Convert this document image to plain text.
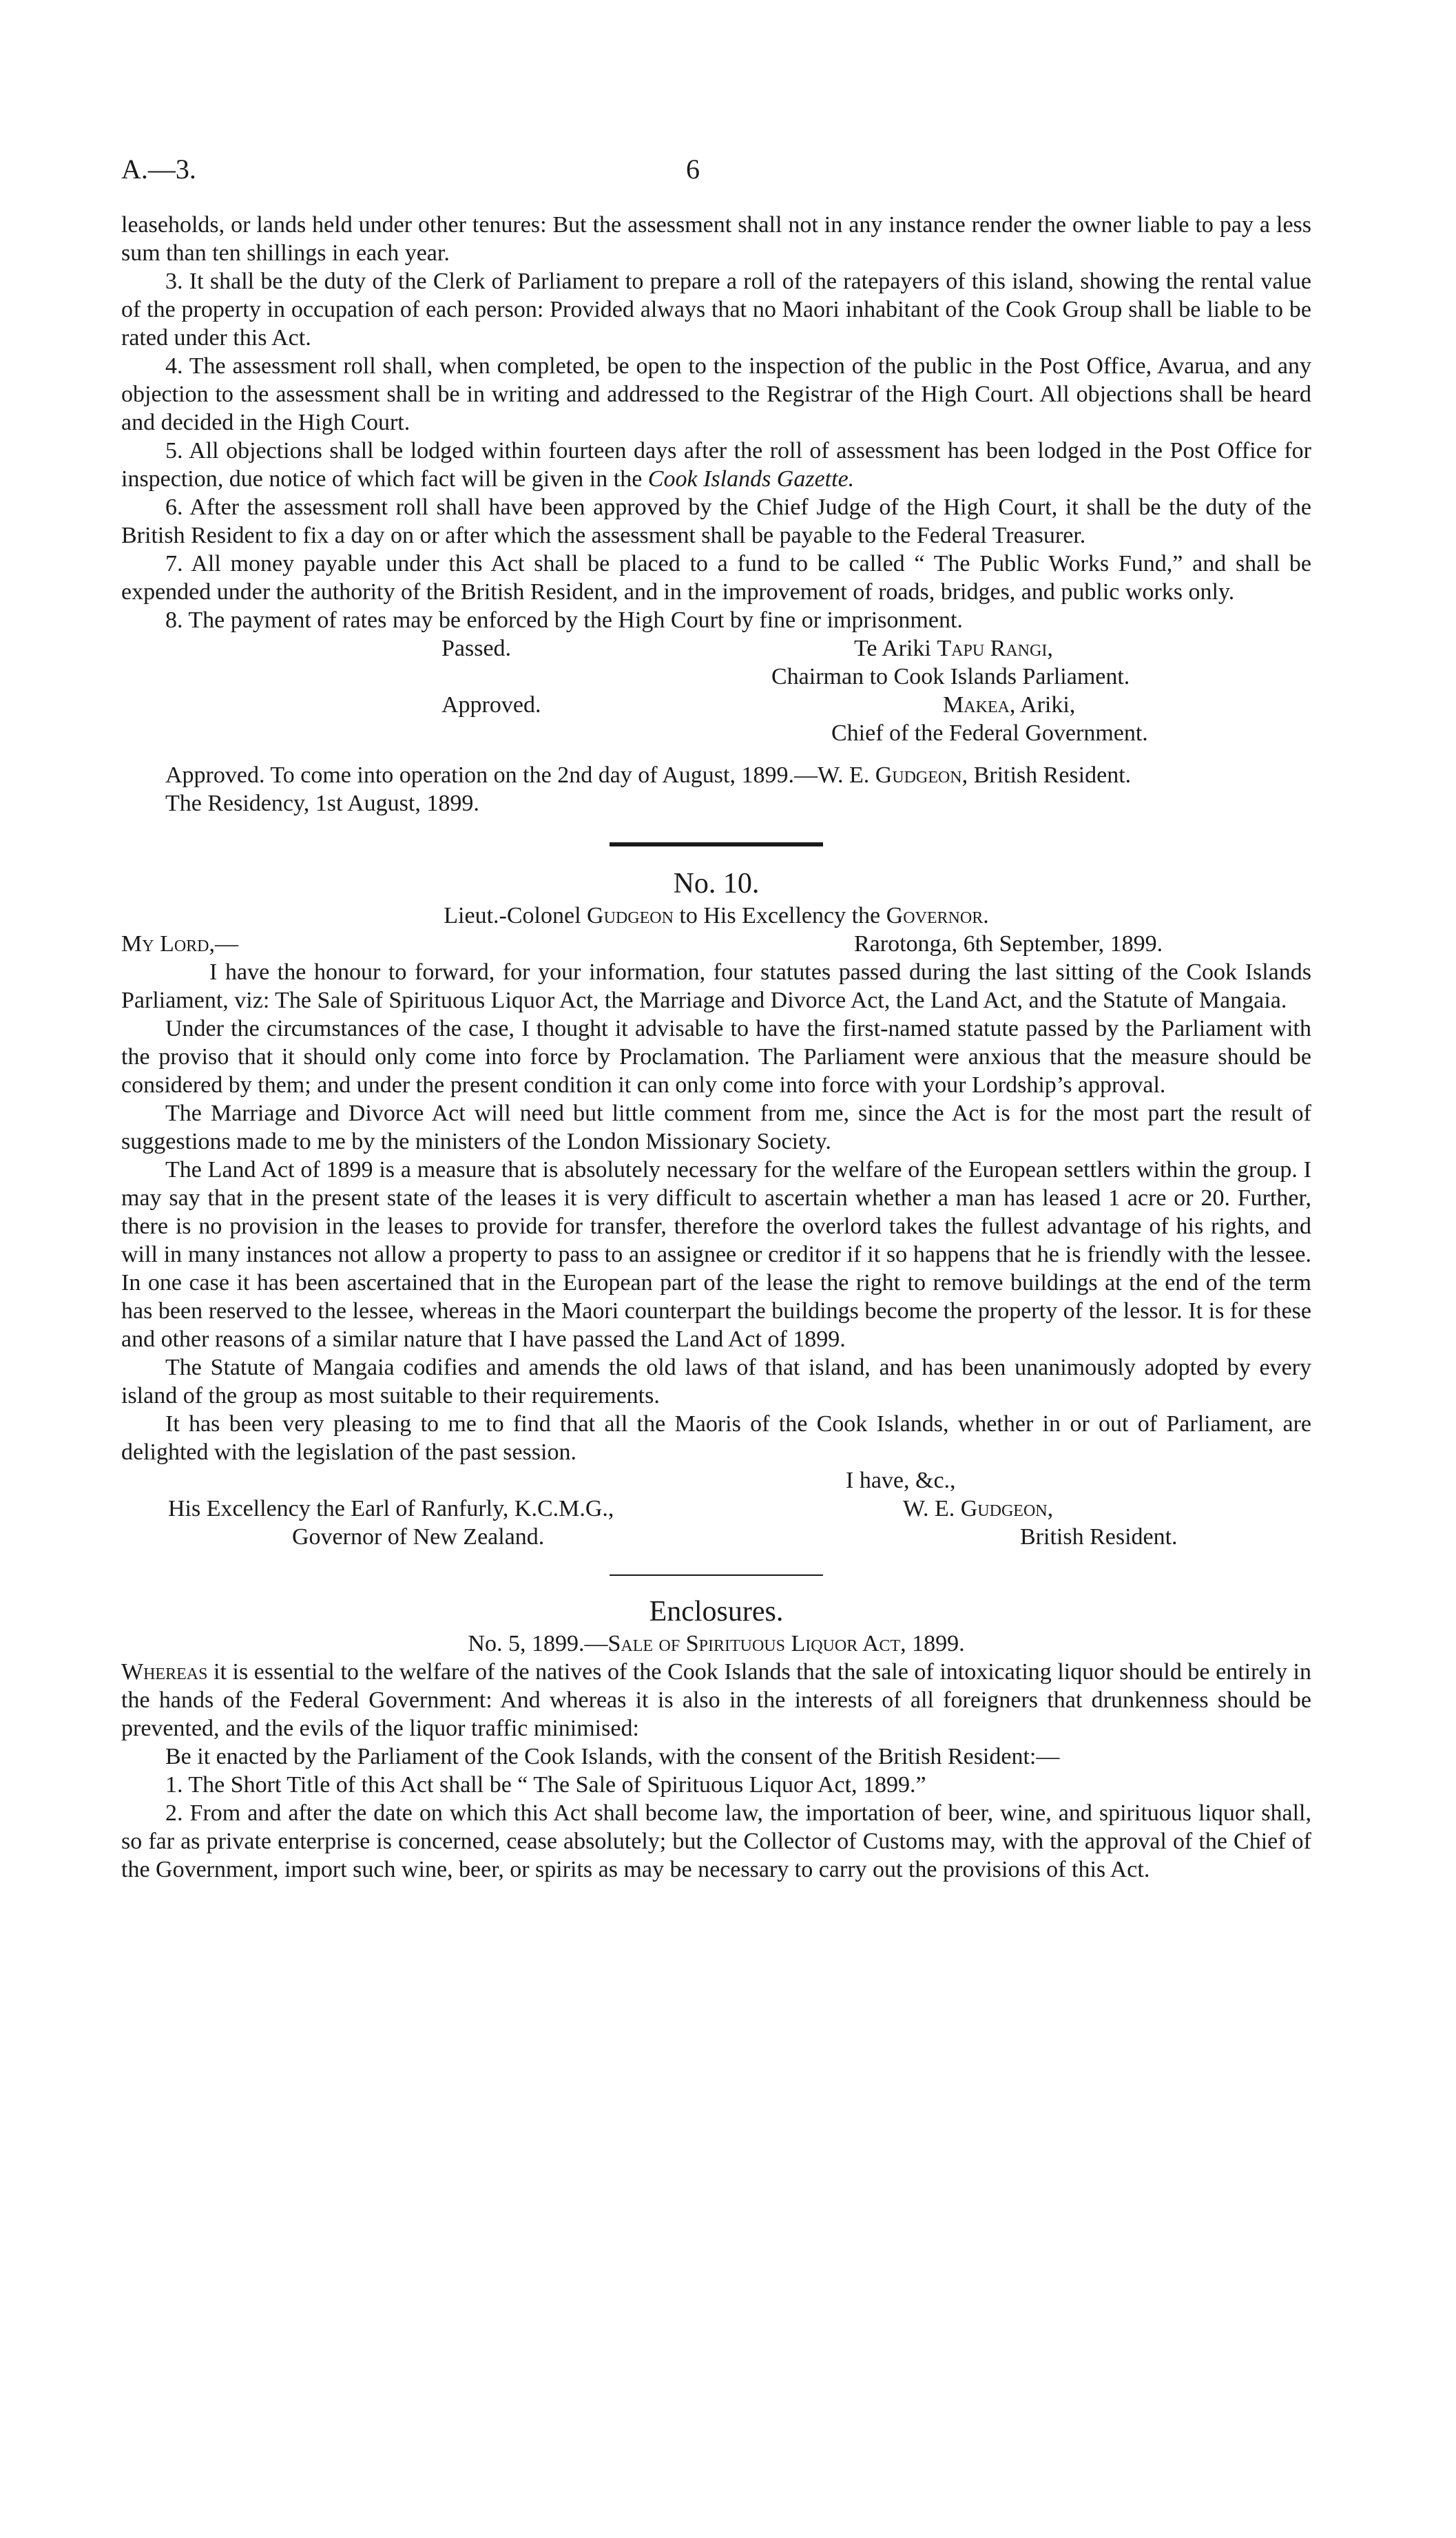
A.—3.	6

leaseholds, or lands held under other tenures: But the assessment shall not in any instance render the owner liable to pay a less sum than ten shillings in each year.

3. It shall be the duty of the Clerk of Parliament to prepare a roll of the ratepayers of this island, showing the rental value of the property in occupation of each person: Provided always that no Maori inhabitant of the Cook Group shall be liable to be rated under this Act.

4. The assessment roll shall, when completed, be open to the inspection of the public in the Post Office, Avarua, and any objection to the assessment shall be in writing and addressed to the Registrar of the High Court. All objections shall be heard and decided in the High Court.

5. All objections shall be lodged within fourteen days after the roll of assessment has been lodged in the Post Office for inspection, due notice of which fact will be given in the Cook Islands Gazette.

6. After the assessment roll shall have been approved by the Chief Judge of the High Court, it shall be the duty of the British Resident to fix a day on or after which the assessment shall be payable to the Federal Treasurer.

7. All money payable under this Act shall be placed to a fund to be called “ The Public Works Fund,” and shall be expended under the authority of the British Resident, and in the improvement of roads, bridges, and public works only.

8. The payment of rates may be enforced by the High Court by fine or imprisonment.

Passed.	Te Ariki Tapu Rangi,
Chairman to Cook Islands Parliament.
Approved.	Makea, Ariki,
Chief of the Federal Government.

Approved. To come into operation on the 2nd day of August, 1899.—W. E. Gudgeon, British Resident.

The Residency, 1st August, 1899.

No. 10.
Lieut.-Colonel Gudgeon to His Excellency the Governor.
My Lord,—	Rarotonga, 6th September, 1899.

I have the honour to forward, for your information, four statutes passed during the last sitting of the Cook Islands Parliament, viz: The Sale of Spirituous Liquor Act, the Marriage and Divorce Act, the Land Act, and the Statute of Mangaia.

Under the circumstances of the case, I thought it advisable to have the first-named statute passed by the Parliament with the proviso that it should only come into force by Proclamation. The Parliament were anxious that the measure should be considered by them; and under the present condition it can only come into force with your Lordship’s approval.

The Marriage and Divorce Act will need but little comment from me, since the Act is for the most part the result of suggestions made to me by the ministers of the London Missionary Society.

The Land Act of 1899 is a measure that is absolutely necessary for the welfare of the European settlers within the group. I may say that in the present state of the leases it is very difficult to ascertain whether a man has leased 1 acre or 20. Further, there is no provision in the leases to provide for transfer, therefore the overlord takes the fullest advantage of his rights, and will in many instances not allow a property to pass to an assignee or creditor if it so happens that he is friendly with the lessee. In one case it has been ascertained that in the European part of the lease the right to remove buildings at the end of the term has been reserved to the lessee, whereas in the Maori counterpart the buildings become the property of the lessor. It is for these and other reasons of a similar nature that I have passed the Land Act of 1899.

The Statute of Mangaia codifies and amends the old laws of that island, and has been unanimously adopted by every island of the group as most suitable to their requirements.

It has been very pleasing to me to find that all the Maoris of the Cook Islands, whether in or out of Parliament, are delighted with the legislation of the past session.

I have, &c.,
His Excellency the Earl of Ranfurly, K.C.M.G.,	W. E. Gudgeon,
Governor of New Zealand.	British Resident.
Enclosures.
No. 5, 1899.—Sale of Spirituous Liquor Act, 1899.

Whereas it is essential to the welfare of the natives of the Cook Islands that the sale of intoxicating liquor should be entirely in the hands of the Federal Government: And whereas it is also in the interests of all foreigners that drunkenness should be prevented, and the evils of the liquor traffic minimised:

Be it enacted by the Parliament of the Cook Islands, with the consent of the British Resident:—

1. The Short Title of this Act shall be “ The Sale of Spirituous Liquor Act, 1899.”

2. From and after the date on which this Act shall become law, the importation of beer, wine, and spirituous liquor shall, so far as private enterprise is concerned, cease absolutely; but the Collector of Customs may, with the approval of the Chief of the Government, import such wine, beer, or spirits as may be necessary to carry out the provisions of this Act.
